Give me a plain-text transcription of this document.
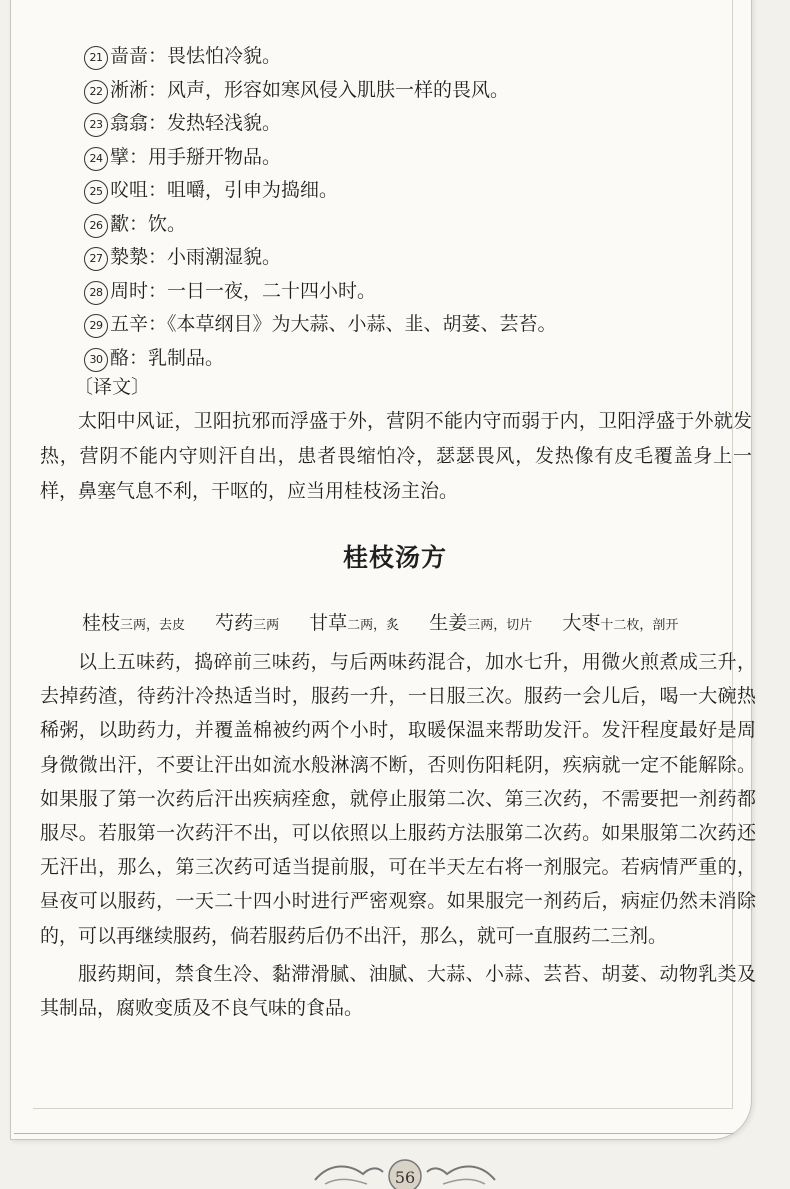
21 啬啬：畏怯怕冷貌。
22 淅淅：风声，形容如寒风侵入肌肤一样的畏风。
23 翕翕：发热轻浅貌。
24 擘：用手掰开物品。
25 㕮咀：咀嚼，引申为捣细。
26 歠：饮。
27 漐漐：小雨潮湿貌。
28 周时：一日一夜，二十四小时。
29 五辛：《本草纲目》为大蒜、小蒜、韭、胡荽、芸苔。
30 酪：乳制品。
〔译文〕

太阳中风证，卫阳抗邪而浮盛于外，营阴不能内守而弱于内，卫阳浮盛于外就发热，营阴不能内守则汗自出，患者畏缩怕冷，瑟瑟畏风，发热像有皮毛覆盖身上一样，鼻塞气息不利，干呕的，应当用桂枝汤主治。

桂枝汤方
桂枝三两，去皮 芍药三两 甘草二两，炙 生姜三两，切片 大枣十二枚，剖开

以上五味药，捣碎前三味药，与后两味药混合，加水七升，用微火煎煮成三升，去掉药渣，待药汁冷热适当时，服药一升，一日服三次。服药一会儿后，喝一大碗热稀粥，以助药力，并覆盖棉被约两个小时，取暖保温来帮助发汗。发汗程度最好是周身微微出汗，不要让汗出如流水般淋漓不断，否则伤阳耗阴，疾病就一定不能解除。如果服了第一次药后汗出疾病痊愈，就停止服第二次、第三次药，不需要把一剂药都服尽。若服第一次药汗不出，可以依照以上服药方法服第二次药。如果服第二次药还无汗出，那么，第三次药可适当提前服，可在半天左右将一剂服完。若病情严重的，昼夜可以服药，一天二十四小时进行严密观察。如果服完一剂药后，病症仍然未消除的，可以再继续服药，倘若服药后仍不出汗，那么，就可一直服药二三剂。

服药期间，禁食生冷、黏滞滑腻、油腻、大蒜、小蒜、芸苔、胡荽、动物乳类及其制品，腐败变质及不良气味的食品。

56
